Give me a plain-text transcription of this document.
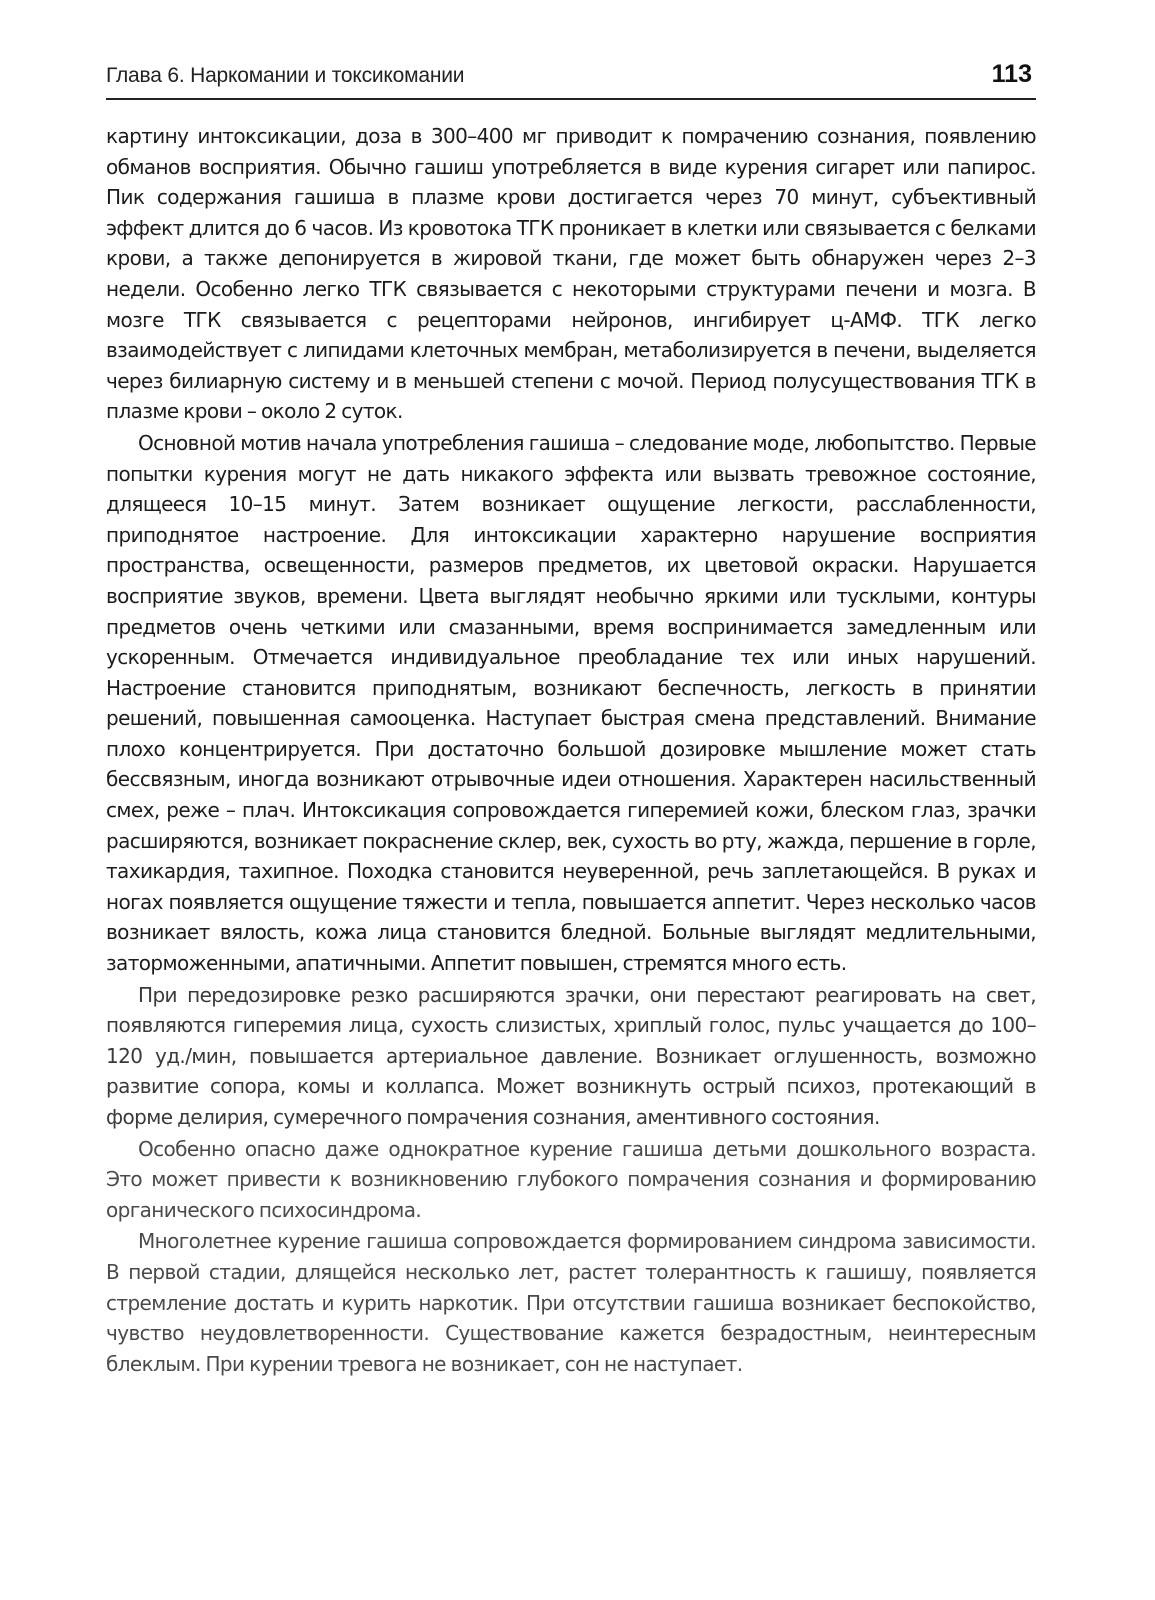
Глава 6. Наркомании и токсикомании	113

картину интоксикации, доза в 300–400 мг приводит к помрачению сознания, появлению обманов восприятия. Обычно гашиш употребляется в виде курения сигарет или папирос. Пик содержания гашиша в плазме крови достигается через 70 минут, субъективный эффект длится до 6 часов. Из кровотока ТГК проникает в клетки или связывается с белками крови, а также депонируется в жировой ткани, где может быть обнаружен через 2–3 недели. Особенно легко ТГК связывается с некоторыми структурами печени и мозга. В мозге ТГК связывается с рецепторами нейронов, ингибирует ц-АМФ. ТГК легко взаимодействует с липидами клеточных мембран, метаболизируется в печени, выделяется через билиарную систему и в меньшей степени с мочой. Период полусуществования ТГК в плазме крови – около 2 суток.

Основной мотив начала употребления гашиша – следование моде, любопытство. Первые попытки курения могут не дать никакого эффекта или вызвать тревожное состояние, длящееся 10–15 минут. Затем возникает ощущение легкости, расслабленности, приподнятое настроение. Для интоксикации характерно нарушение восприятия пространства, освещенности, размеров предметов, их цветовой окраски. Нарушается восприятие звуков, времени. Цвета выглядят необычно яркими или тусклыми, контуры предметов очень четкими или смазанными, время воспринимается замедленным или ускоренным. Отмечается индивидуальное преобладание тех или иных нарушений. Настроение становится приподнятым, возникают беспечность, легкость в принятии решений, повышенная самооценка. Наступает быстрая смена представлений. Внимание плохо концентрируется. При достаточно большой дозировке мышление может стать бессвязным, иногда возникают отрывочные идеи отношения. Характерен насильственный смех, реже – плач. Интоксикация сопровождается гиперемией кожи, блеском глаз, зрачки расширяются, возникает покраснение склер, век, сухость во рту, жажда, першение в горле, тахикардия, тахипное. Походка становится неуверенной, речь заплетающейся. В руках и ногах появляется ощущение тяжести и тепла, повышается аппетит. Через несколько часов возникает вялость, кожа лица становится бледной. Больные выглядят медлительными, заторможенными, апатичными. Аппетит повышен, стремятся много есть.

При передозировке резко расширяются зрачки, они перестают реагировать на свет, появляются гиперемия лица, сухость слизистых, хриплый голос, пульс учащается до 100–120 уд./мин, повышается артериальное давление. Возникает оглушенность, возможно развитие сопора, комы и коллапса. Может возникнуть острый психоз, протекающий в форме делирия, сумеречного помрачения сознания, аментивного состояния.

Особенно опасно даже однократное курение гашиша детьми дошкольного возраста. Это может привести к возникновению глубокого помрачения сознания и формированию органического психосиндрома.

Многолетнее курение гашиша сопровождается формированием синдрома зависимости. В первой стадии, длящейся несколько лет, растет толерантность к гашишу, появляется стремление достать и курить наркотик. При отсутствии гашиша возникает беспокойство, чувство неудовлетворенности. Существование кажется безрадостным, неинтересным блеклым. При курении тревога не возникает, сон не наступает.
